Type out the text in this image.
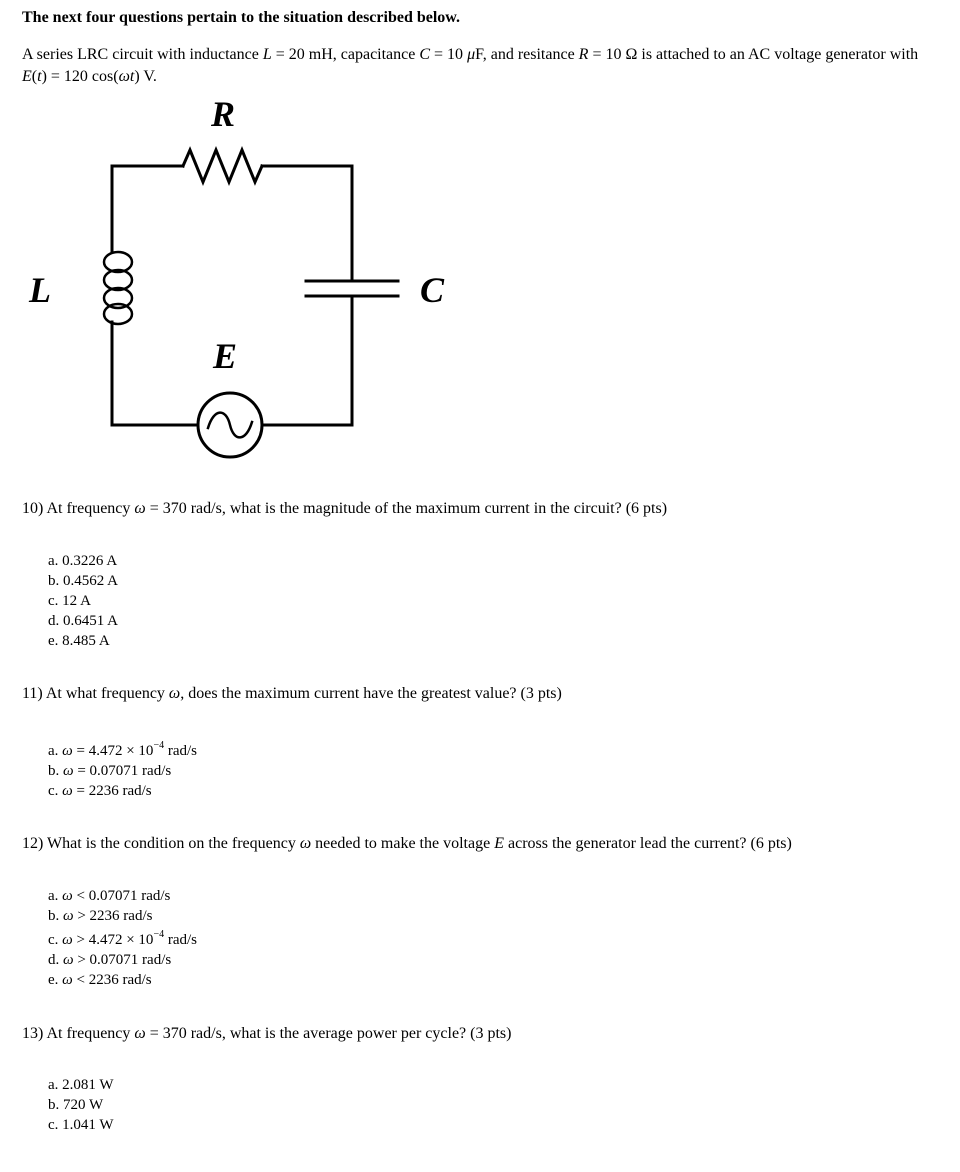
The next four questions pertain to the situation described below.
A series LRC circuit with inductance L = 20 mH, capacitance C = 10 μF, and resitance R = 10 Ω is attached to an AC voltage generator with E(t) = 120 cos(ωt) V.
R
L	C
E
10) At frequency ω = 370 rad/s, what is the magnitude of the maximum current in the circuit? (6 pts)
a. 0.3226 A
b. 0.4562 A
c. 12 A
d. 0.6451 A
e. 8.485 A
11) At what frequency ω, does the maximum current have the greatest value? (3 pts)
a. $\omega = 4.472 \times 10^{-4}$ rad/s
b. ω = 0.07071 rad/s
c. ω = 2236 rad/s
12) What is the condition on the frequency ω needed to make the voltage E across the generator lead the current? (6 pts)
a. ω < 0.07071 rad/s
b. ω > 2236 rad/s
c. $\omega > 4.472 \times 10^{-4}$ rad/s
d. ω > 0.07071 rad/s
e. ω < 2236 rad/s
13) At frequency ω = 370 rad/s, what is the average power per cycle? (3 pts)
a. 2.081 W
b. 720 W
c. 1.041 W
